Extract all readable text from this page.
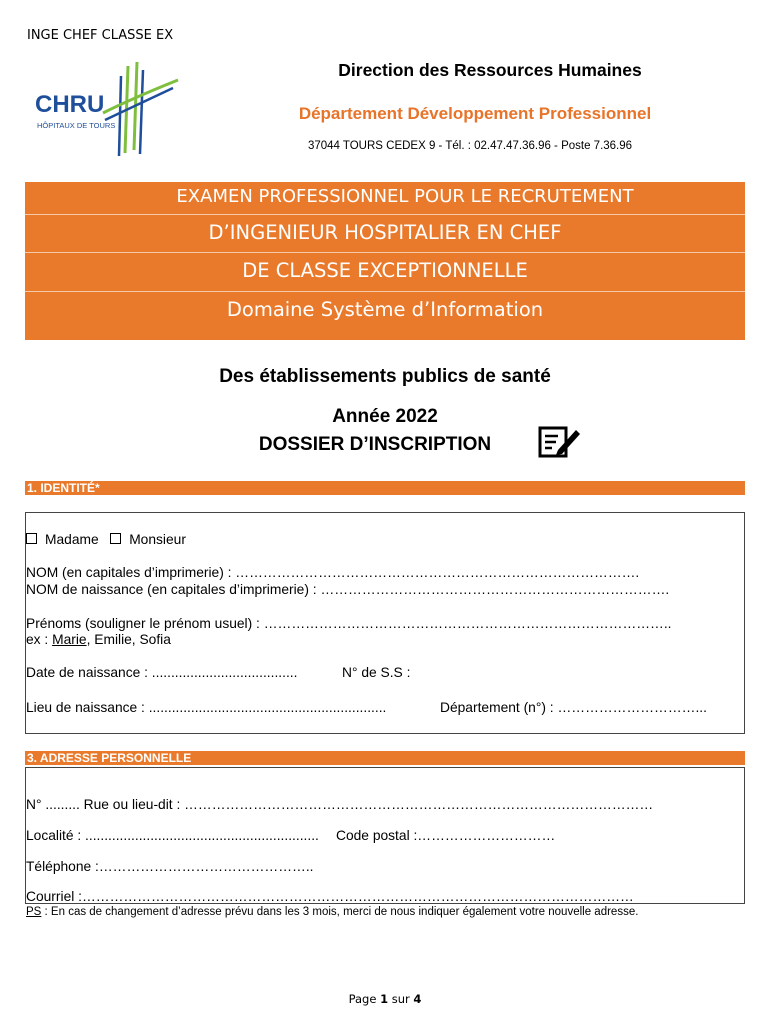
INGE CHEF CLASSE EX
CHRU
HÔPITAUX DE TOURS
Direction des Ressources Humaines
Département Développement Professionnel
37044 TOURS CEDEX 9 - Tél. : 02.47.47.36.96 - Poste 7.36.96
EXAMEN PROFESSIONNEL POUR LE RECRUTEMENT
D’INGENIEUR HOSPITALIER EN CHEF
DE CLASSE EXCEPTIONNELLE
Domaine Système d’Information
Des établissements publics de santé
Année 2022
DOSSIER D’INSCRIPTION
1. IDENTITÉ*
Madame Monsieur
NOM (en capitales d’imprimerie) : …………………………………………………………………………….
NOM de naissance (en capitales d’imprimerie) : ………………………………………………………………….
Prénoms (souligner le prénom usuel) : ……………………………………………………………………………..
ex : Marie, Emilie, Sofia
Date de naissance : ......................................	N° de S.S :
Lieu de naissance : ..............................................................	Département (n°) : …………………………...
3. ADRESSE PERSONNELLE
N° ......... Rue ou lieu-dit : …………………………………………………………………………………………
Localité : ............................................................. Code postal :…………………………
Téléphone :………………………………………..
Courriel :…………………………………………………………………………………………………………
PS : En cas de changement d’adresse prévu dans les 3 mois, merci de nous indiquer également votre nouvelle adresse.
Page 1 sur 4
